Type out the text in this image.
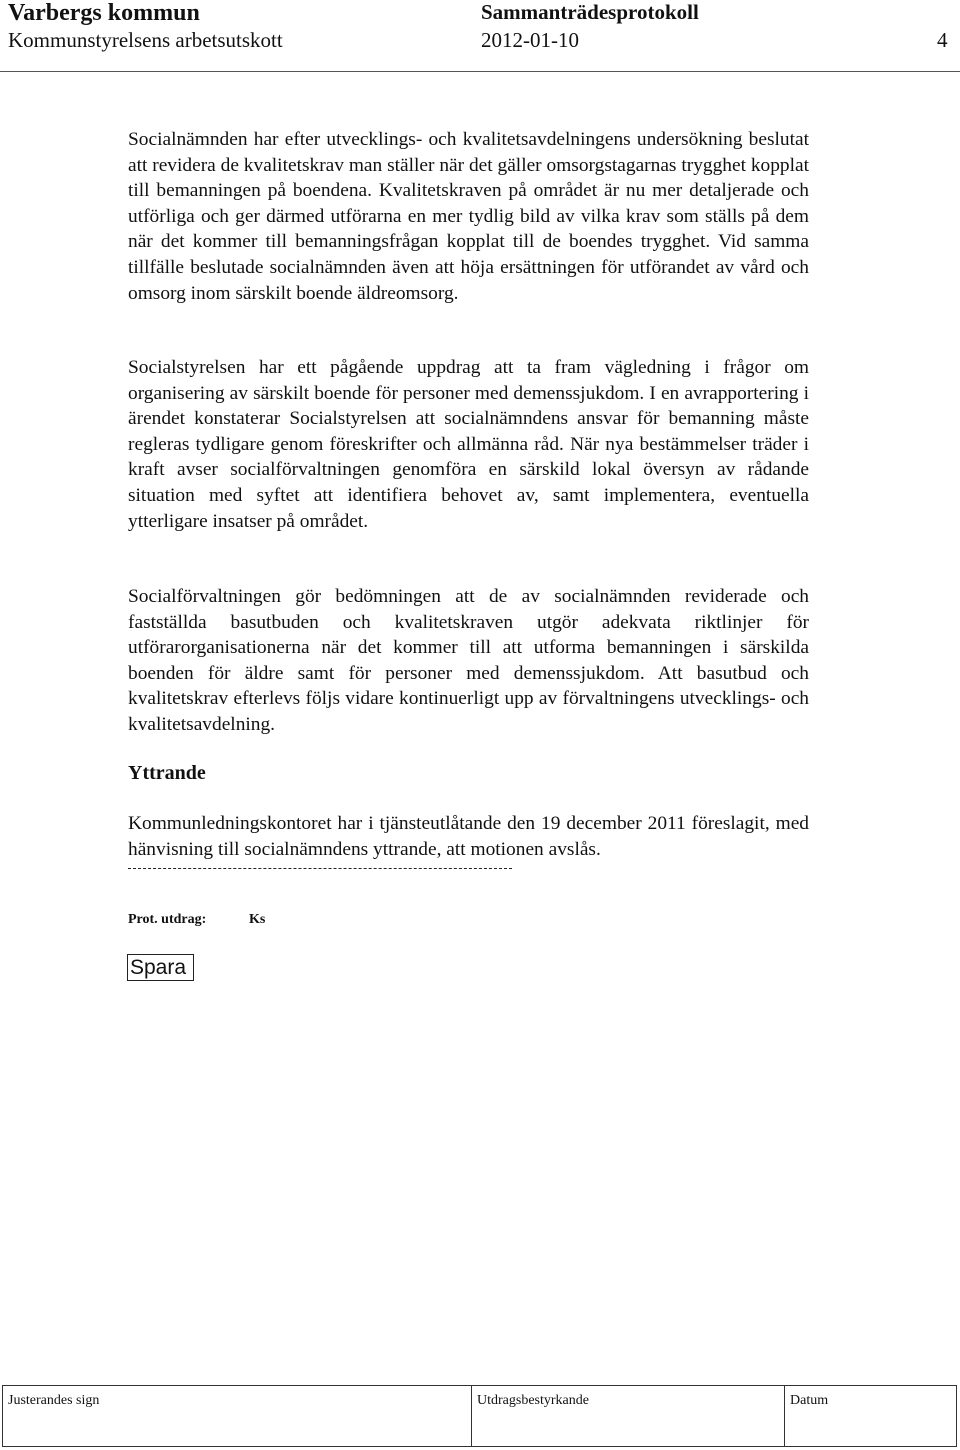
Varbergs kommun	Sammanträdesprotokoll
Kommunstyrelsens arbetsutskott	2012-01-10	4

Socialnämnden har efter utvecklings- och kvalitetsavdelningens undersökning beslutat att revidera de kvalitetskrav man ställer när det gäller omsorgstagarnas trygghet kopplat till bemanningen på boendena. Kvalitetskraven på området är nu mer detaljerade och utförliga och ger därmed utförarna en mer tydlig bild av vilka krav som ställs på dem när det kommer till bemanningsfrågan kopplat till de boendes trygghet. Vid samma tillfälle beslutade socialnämnden även att höja ersättningen för utförandet av vård och omsorg inom särskilt boende äldreomsorg.

Socialstyrelsen har ett pågående uppdrag att ta fram vägledning i frågor om organisering av särskilt boende för personer med demenssjukdom. I en avrapportering i ärendet konstaterar Socialstyrelsen att socialnämndens ansvar för bemanning måste regleras tydligare genom föreskrifter och allmänna råd. När nya bestämmelser träder i kraft avser socialförvaltningen genomföra en särskild lokal översyn av rådande situation med syftet att identifiera behovet av, samt implementera, eventuella ytterligare insatser på området.

Socialförvaltningen gör bedömningen att de av socialnämnden reviderade och fastställda basutbuden och kvalitetskraven utgör adekvata riktlinjer för utförarorganisationerna när det kommer till att utforma bemanningen i särskilda boenden för äldre samt för personer med demenssjukdom. Att basutbud och kvalitetskrav efterlevs följs vidare kontinuerligt upp av förvaltningens utvecklings- och kvalitetsavdelning.

Yttrande

Kommunledningskontoret har i tjänsteutlåtande den 19 december 2011 föreslagit, med hänvisning till socialnämndens yttrande, att motionen avslås.

Prot. utdrag:	Ks
Spara
Justerandes sign	Utdragsbestyrkande	Datum
